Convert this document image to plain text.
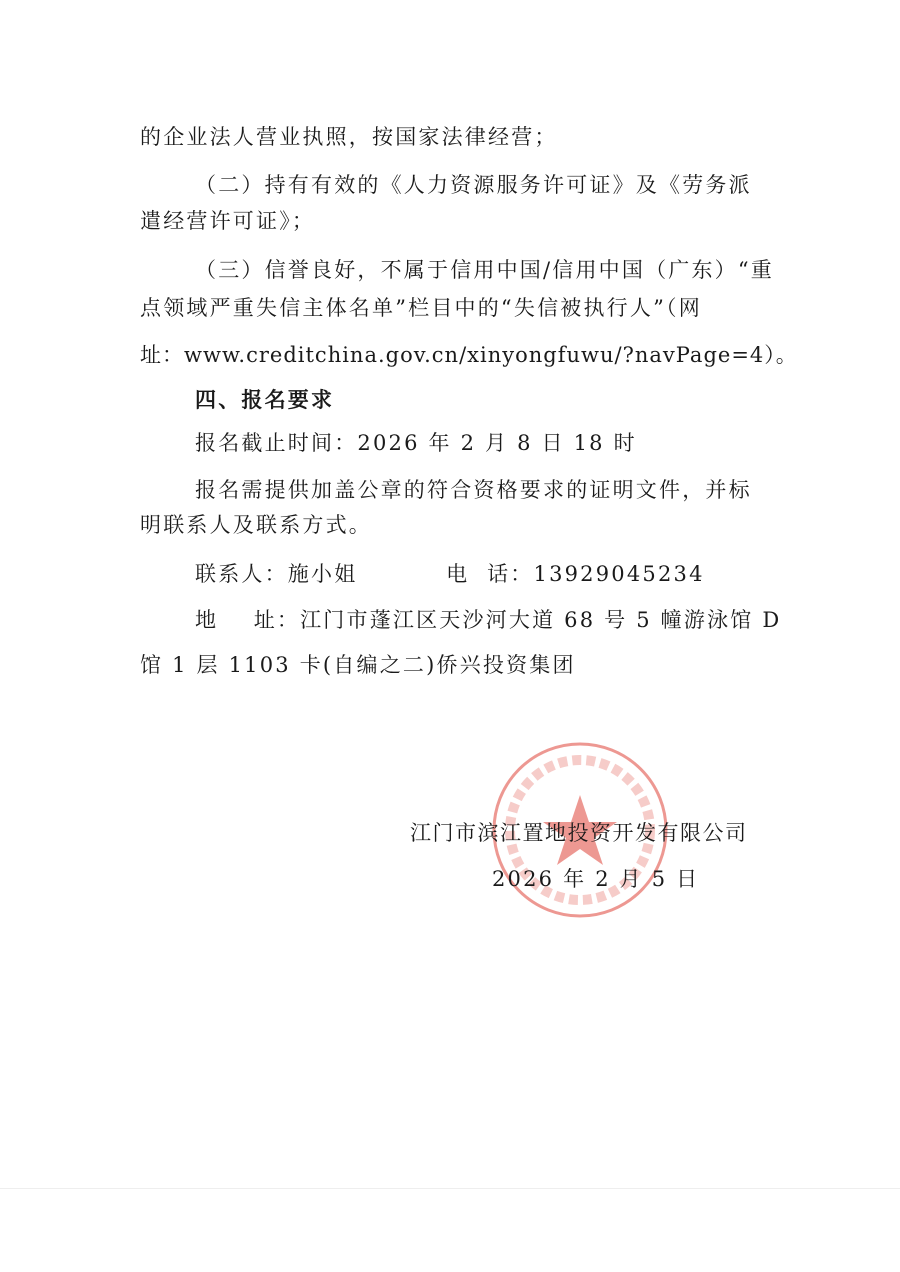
的企业法人营业执照，按国家法律经营；
（二）持有有效的《人力资源服务许可证》及《劳务派
遣经营许可证》；
（三）信誉良好，不属于信用中国/信用中国（广东）“重
点领域严重失信主体名单”栏目中的“失信被执行人”（网
址：www.creditchina.gov.cn/xinyongfuwu/?navPage=4）。
四、报名要求
报名截止时间：2026 年 2 月 8 日 18 时
报名需提供加盖公章的符合资格要求的证明文件，并标
明联系人及联系方式。
联系人：施小姐          电  话：13929045234
地    址：江门市蓬江区天沙河大道 68 号 5 幢游泳馆 D
馆 1 层 1103 卡(自编之二)侨兴投资集团
江门市滨江置地投资开发有限公司
2026 年 2 月 5 日
